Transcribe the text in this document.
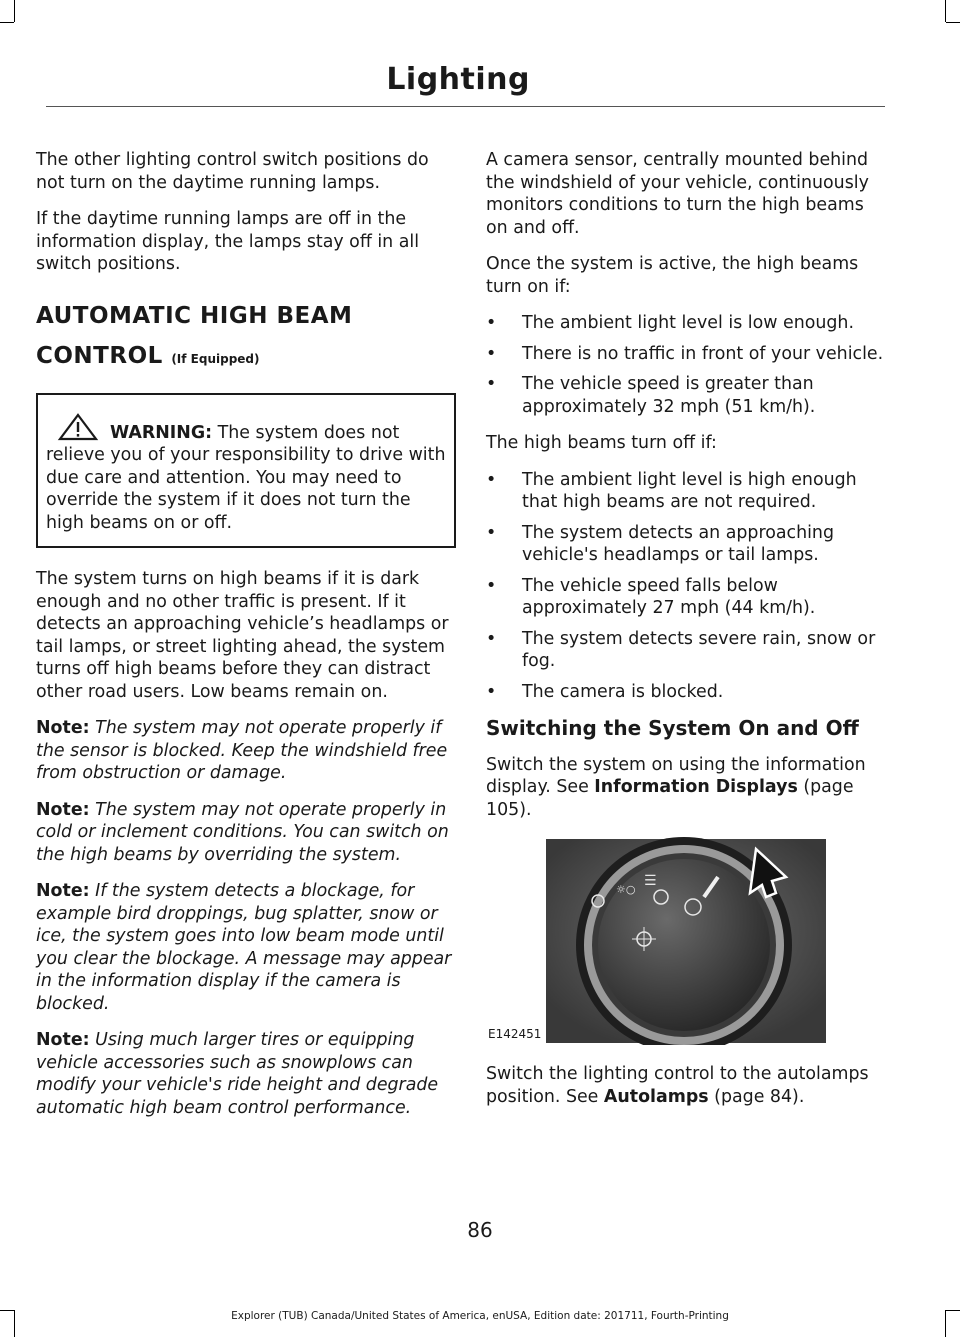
Lighting

The other lighting control switch positions do not turn on the daytime running lamps.

If the daytime running lamps are off in the information display, the lamps stay off in all switch positions.

AUTOMATIC HIGH BEAM
CONTROL (If Equipped)
WARNING: The system does not relieve you of your responsibility to drive with due care and attention. You may need to override the system if it does not turn the high beams on or off.

The system turns on high beams if it is dark enough and no other traffic is present. If it detects an approaching vehicle’s headlamps or tail lamps, or street lighting ahead, the system turns off high beams before they can distract other road users. Low beams remain on.

Note: The system may not operate properly if the sensor is blocked. Keep the windshield free from obstruction or damage.

Note: The system may not operate properly in cold or inclement conditions. You can switch on the high beams by overriding the system.

Note: If the system detects a blockage, for example bird droppings, bug splatter, snow or ice, the system goes into low beam mode until you clear the blockage. A message may appear in the information display if the camera is blocked.

Note: Using much larger tires or equipping vehicle accessories such as snowplows can modify your vehicle's ride height and degrade automatic high beam control performance.

A camera sensor, centrally mounted behind the windshield of your vehicle, continuously monitors conditions to turn the high beams on and off.

Once the system is active, the high beams turn on if:

• The ambient light level is low enough.
• There is no traffic in front of your vehicle.
• The vehicle speed is greater than approximately 32 mph (51 km/h).

The high beams turn off if:

• The ambient light level is high enough that high beams are not required.
• The system detects an approaching vehicle's headlamps or tail lamps.
• The vehicle speed falls below approximately 27 mph (44 km/h).
• The system detects severe rain, snow or fog.
• The camera is blocked.
Switching the System On and Off

Switch the system on using the information display. See Information Displays (page 105).

☼○
☰
E142451

Switch the lighting control to the autolamps position. See Autolamps (page 84).

86
Explorer (TUB) Canada/United States of America, enUSA, Edition date: 201711, Fourth-Printing
